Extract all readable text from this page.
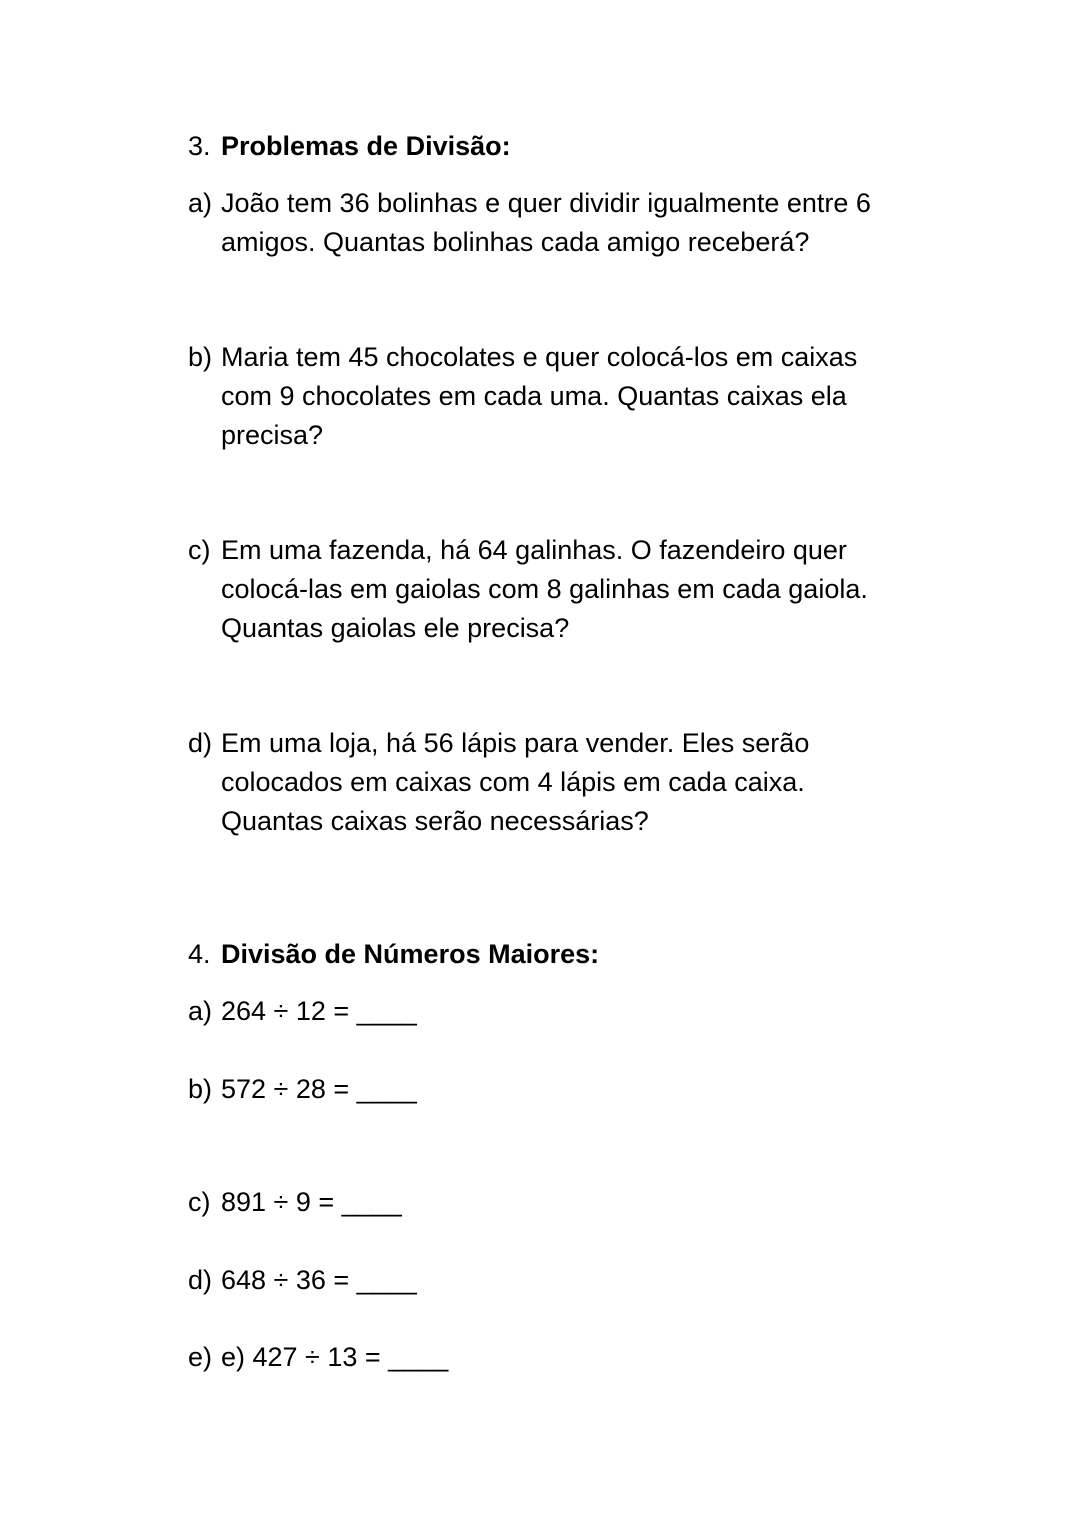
3. Problemas de Divisão:
a) João tem 36 bolinhas e quer dividir igualmente entre 6
amigos. Quantas bolinhas cada amigo receberá?
b) Maria tem 45 chocolates e quer colocá-los em caixas
com 9 chocolates em cada uma. Quantas caixas ela
precisa?
c) Em uma fazenda, há 64 galinhas. O fazendeiro quer
colocá-las em gaiolas com 8 galinhas em cada gaiola.
Quantas gaiolas ele precisa?
d) Em uma loja, há 56 lápis para vender. Eles serão
colocados em caixas com 4 lápis em cada caixa.
Quantas caixas serão necessárias?
4. Divisão de Números Maiores:
a) 264 ÷ 12 = ____
b) 572 ÷ 28 = ____
c) 891 ÷ 9 = ____
d) 648 ÷ 36 = ____
e) e) 427 ÷ 13 = ____
